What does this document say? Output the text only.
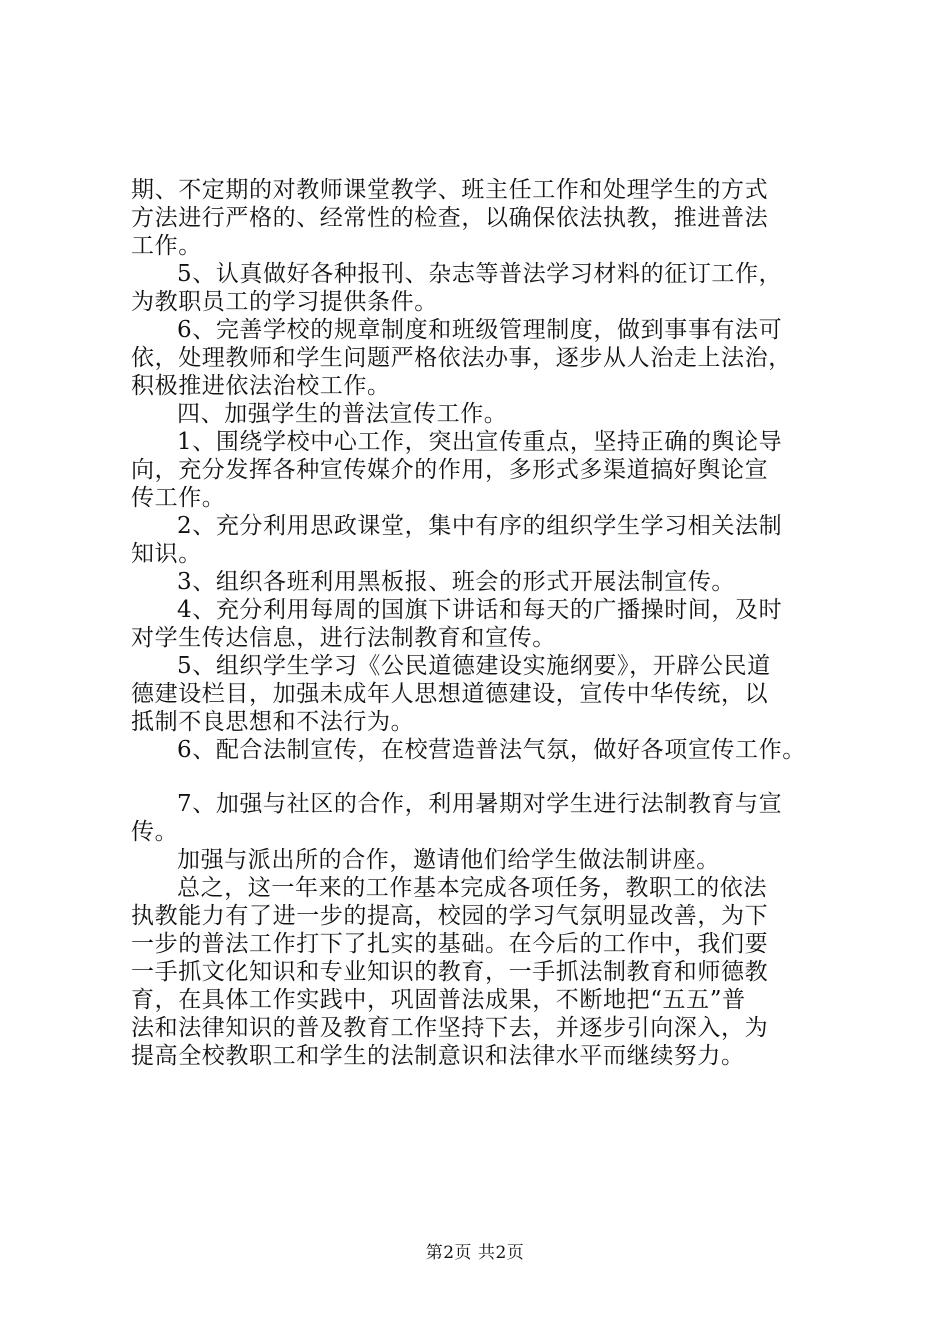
期、不定期的对教师课堂教学、班主任工作和处理学生的方式
方法进行严格的、经常性的检查，以确保依法执教，推进普法
工作。
5、认真做好各种报刊、杂志等普法学习材料的征订工作，
为教职员工的学习提供条件。
6、完善学校的规章制度和班级管理制度，做到事事有法可
依，处理教师和学生问题严格依法办事，逐步从人治走上法治，
积极推进依法治校工作。
四、加强学生的普法宣传工作。
1、围绕学校中心工作，突出宣传重点，坚持正确的舆论导
向，充分发挥各种宣传媒介的作用，多形式多渠道搞好舆论宣
传工作。
2、充分利用思政课堂，集中有序的组织学生学习相关法制
知识。
3、组织各班利用黑板报、班会的形式开展法制宣传。
4、充分利用每周的国旗下讲话和每天的广播操时间，及时
对学生传达信息，进行法制教育和宣传。
5、组织学生学习《公民道德建设实施纲要》，开辟公民道
德建设栏目，加强未成年人思想道德建设，宣传中华传统，以
抵制不良思想和不法行为。
6、配合法制宣传，在校营造普法气氛，做好各项宣传工作。
7、加强与社区的合作，利用暑期对学生进行法制教育与宣
传。
加强与派出所的合作，邀请他们给学生做法制讲座。
总之，这一年来的工作基本完成各项任务，教职工的依法
执教能力有了进一步的提高，校园的学习气氛明显改善，为下
一步的普法工作打下了扎实的基础。在今后的工作中，我们要
一手抓文化知识和专业知识的教育，一手抓法制教育和师德教
育，在具体工作实践中，巩固普法成果，不断地把“五五”普
法和法律知识的普及教育工作坚持下去，并逐步引向深入，为
提高全校教职工和学生的法制意识和法律水平而继续努力。
第2页 共2页
